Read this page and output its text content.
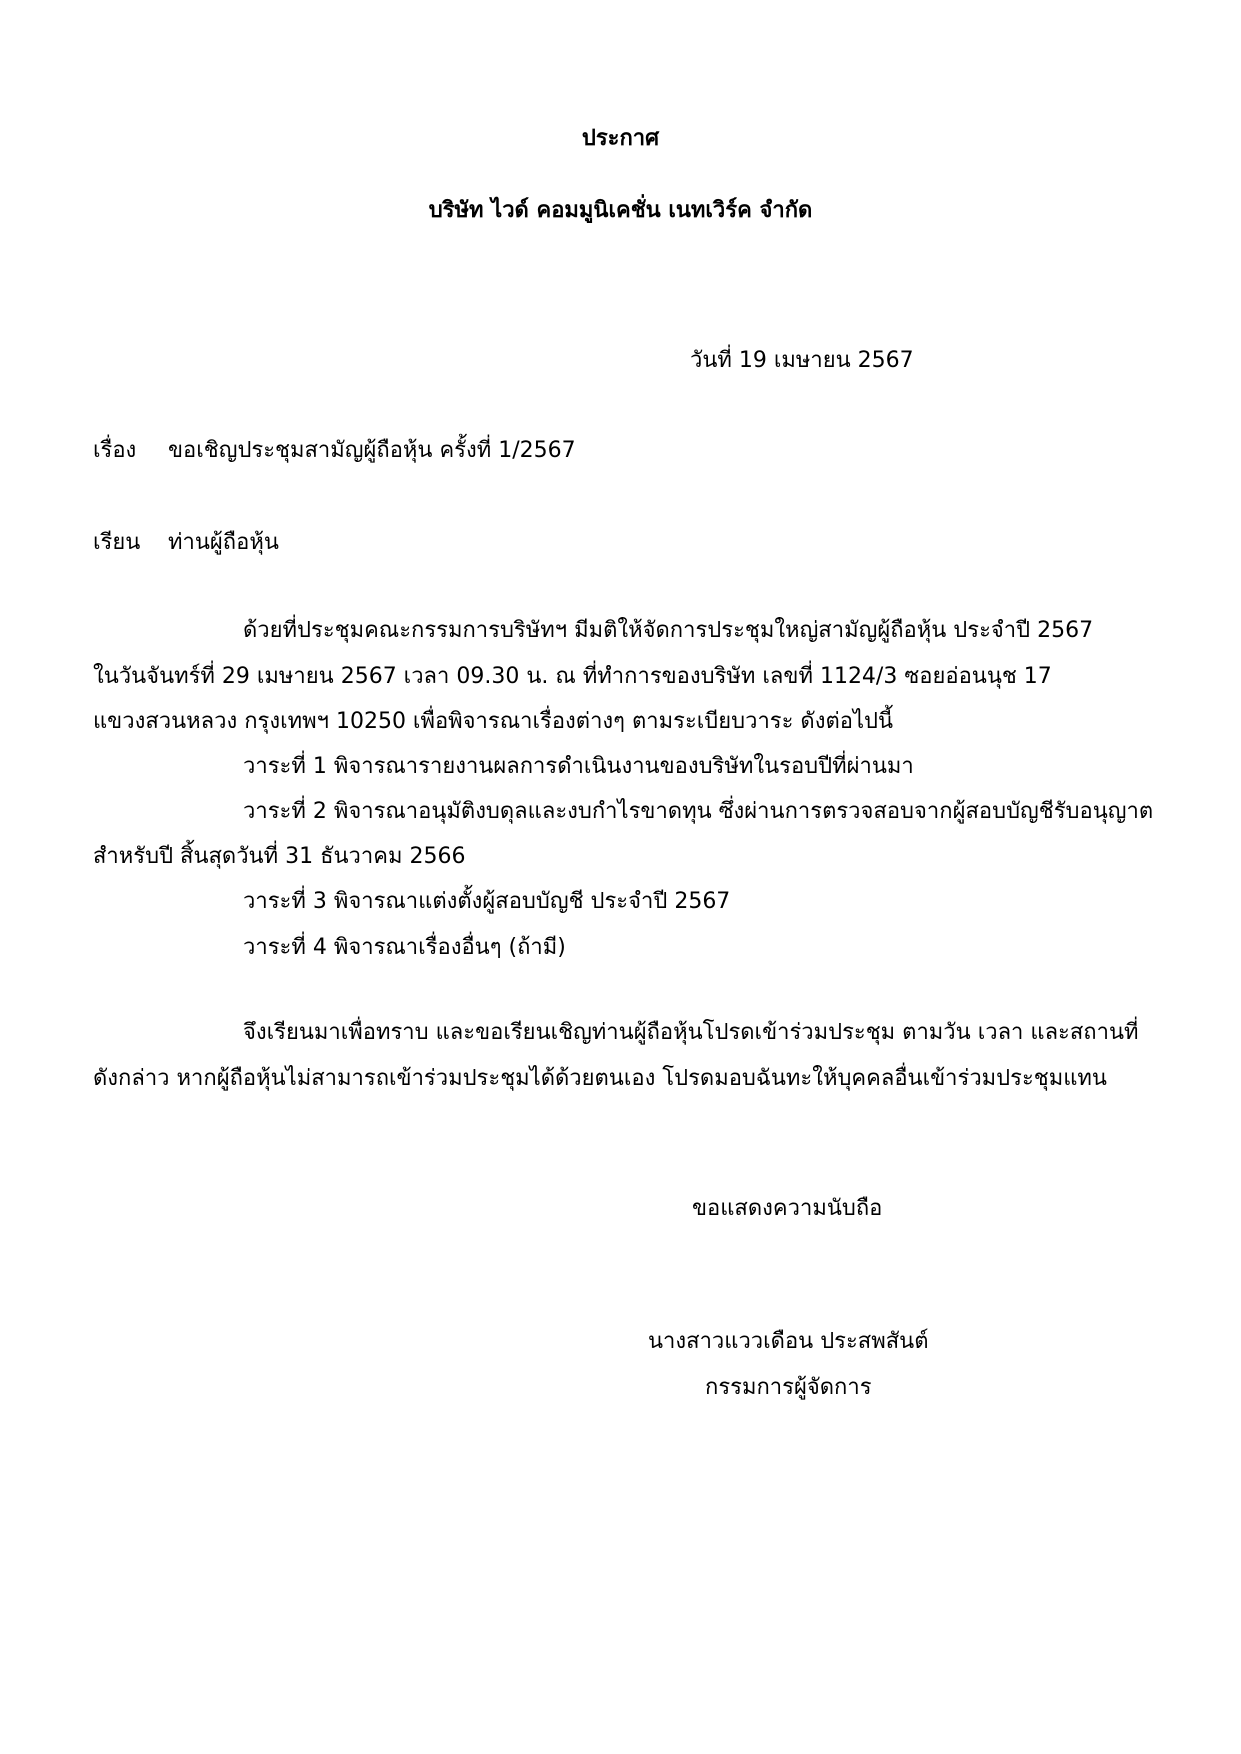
ประกาศ
บริษัท ไวด์ คอมมูนิเคชั่น เนทเวิร์ค จำกัด
วันที่ 19 เมษายน 2567
เรื่อง ขอเชิญประชุมสามัญผู้ถือหุ้น ครั้งที่ 1/2567
เรียน ท่านผู้ถือหุ้น
ด้วยที่ประชุมคณะกรรมการบริษัทฯ มีมติให้จัดการประชุมใหญ่สามัญผู้ถือหุ้น ประจำปี 2567
ในวันจันทร์ที่ 29 เมษายน 2567 เวลา 09.30 น. ณ ที่ทำการของบริษัท เลขที่ 1124/3 ซอยอ่อนนุช 17
แขวงสวนหลวง กรุงเทพฯ 10250 เพื่อพิจารณาเรื่องต่างๆ ตามระเบียบวาระ ดังต่อไปนี้
วาระที่ 1 พิจารณารายงานผลการดำเนินงานของบริษัทในรอบปีที่ผ่านมา
วาระที่ 2 พิจารณาอนุมัติงบดุลและงบกำไรขาดทุน ซึ่งผ่านการตรวจสอบจากผู้สอบบัญชีรับอนุญาต
สำหรับปี สิ้นสุดวันที่ 31 ธันวาคม 2566
วาระที่ 3 พิจารณาแต่งตั้งผู้สอบบัญชี ประจำปี 2567
วาระที่ 4 พิจารณาเรื่องอื่นๆ (ถ้ามี)
จึงเรียนมาเพื่อทราบ และขอเรียนเชิญท่านผู้ถือหุ้นโปรดเข้าร่วมประชุม ตามวัน เวลา และสถานที่
ดังกล่าว หากผู้ถือหุ้นไม่สามารถเข้าร่วมประชุมได้ด้วยตนเอง โปรดมอบฉันทะให้บุคคลอื่นเข้าร่วมประชุมแทน
ขอแสดงความนับถือ
นางสาวแววเดือน ประสพสันต์
กรรมการผู้จัดการ
